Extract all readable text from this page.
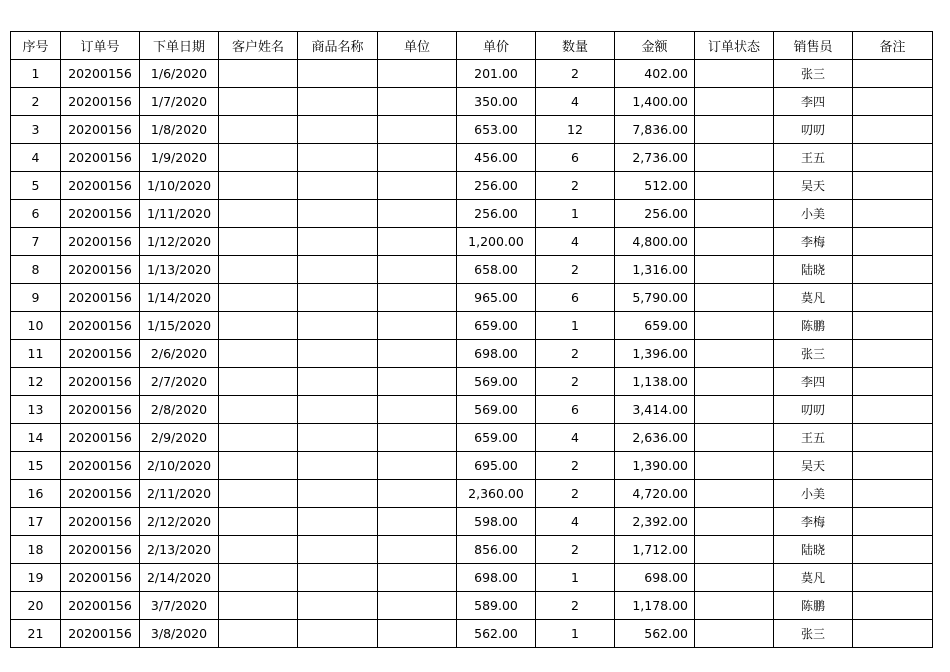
序号	订单号	下单日期	客户姓名	商品名称	单位	单价	数量	金额	订单状态	销售员	备注
1	20200156	1/6/2020				201.00	2	402.00		张三	
2	20200156	1/7/2020				350.00	4	1,400.00		李四	
3	20200156	1/8/2020				653.00	12	7,836.00		叨叨	
4	20200156	1/9/2020				456.00	6	2,736.00		王五	
5	20200156	1/10/2020				256.00	2	512.00		吴天	
6	20200156	1/11/2020				256.00	1	256.00		小美	
7	20200156	1/12/2020				1,200.00	4	4,800.00		李梅	
8	20200156	1/13/2020				658.00	2	1,316.00		陆晓	
9	20200156	1/14/2020				965.00	6	5,790.00		莫凡	
10	20200156	1/15/2020				659.00	1	659.00		陈鹏	
11	20200156	2/6/2020				698.00	2	1,396.00		张三	
12	20200156	2/7/2020				569.00	2	1,138.00		李四	
13	20200156	2/8/2020				569.00	6	3,414.00		叨叨	
14	20200156	2/9/2020				659.00	4	2,636.00		王五	
15	20200156	2/10/2020				695.00	2	1,390.00		吴天	
16	20200156	2/11/2020				2,360.00	2	4,720.00		小美	
17	20200156	2/12/2020				598.00	4	2,392.00		李梅	
18	20200156	2/13/2020				856.00	2	1,712.00		陆晓	
19	20200156	2/14/2020				698.00	1	698.00		莫凡	
20	20200156	3/7/2020				589.00	2	1,178.00		陈鹏	
21	20200156	3/8/2020				562.00	1	562.00		张三	
